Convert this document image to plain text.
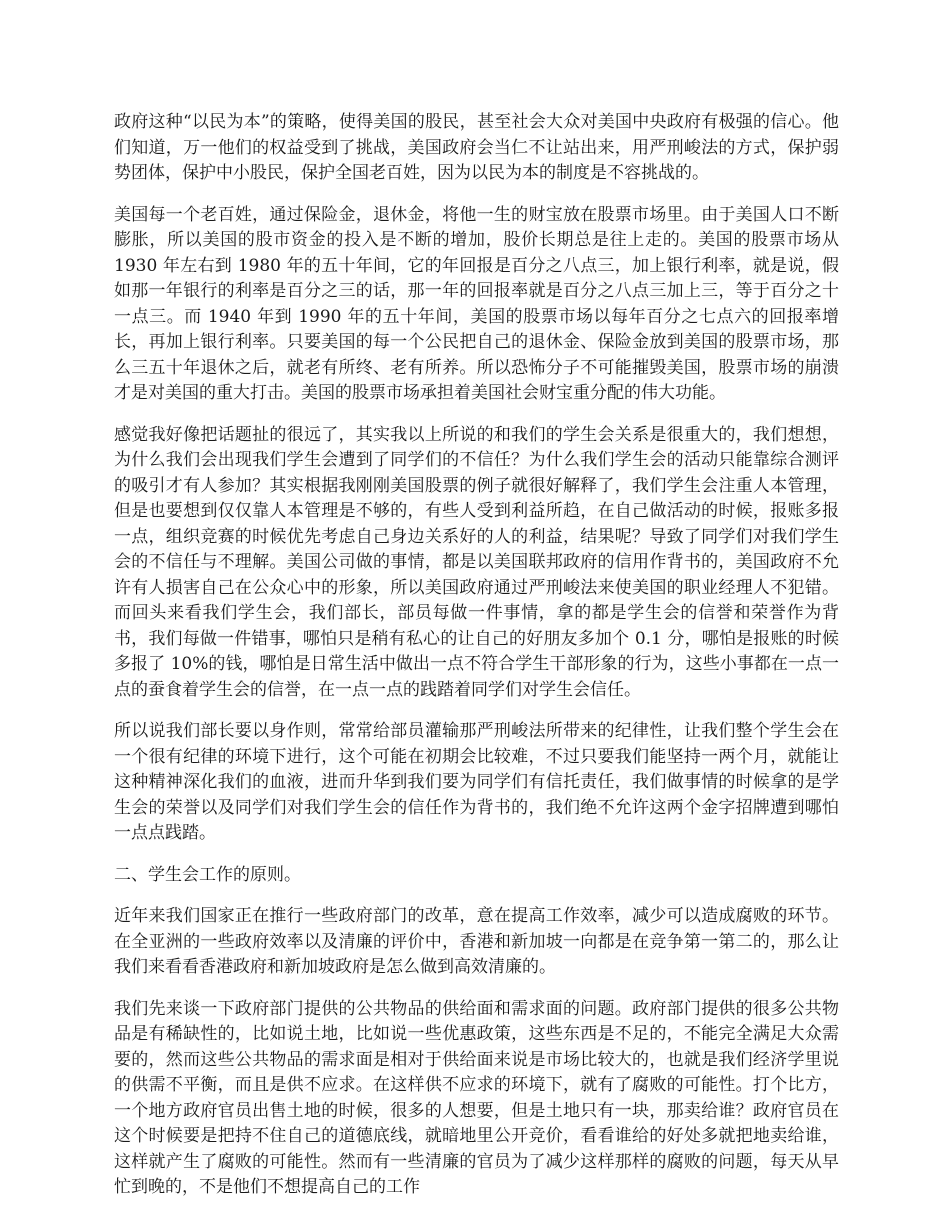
政府这种“以民为本”的策略，使得美国的股民，甚至社会大众对美国中央政府有极强的信心。他们知道，万一他们的权益受到了挑战，美国政府会当仁不让站出来，用严刑峻法的方式，保护弱势团体，保护中小股民，保护全国老百姓，因为以民为本的制度是不容挑战的。

美国每一个老百姓，通过保险金，退休金，将他一生的财宝放在股票市场里。由于美国人口不断膨胀，所以美国的股市资金的投入是不断的增加，股价长期总是往上走的。美国的股票市场从 1930 年左右到 1980 年的五十年间，它的年回报是百分之八点三，加上银行利率，就是说，假如那一年银行的利率是百分之三的话，那一年的回报率就是百分之八点三加上三，等于百分之十一点三。而 1940 年到 1990 年的五十年间，美国的股票市场以每年百分之七点六的回报率增长，再加上银行利率。只要美国的每一个公民把自己的退休金、保险金放到美国的股票市场，那么三五十年退休之后，就老有所终、老有所养。所以恐怖分子不可能摧毁美国，股票市场的崩溃才是对美国的重大打击。美国的股票市场承担着美国社会财宝重分配的伟大功能。

感觉我好像把话题扯的很远了，其实我以上所说的和我们的学生会关系是很重大的，我们想想，为什么我们会出现我们学生会遭到了同学们的不信任？为什么我们学生会的活动只能靠综合测评的吸引才有人参加？其实根据我刚刚美国股票的例子就很好解释了，我们学生会注重人本管理，但是也要想到仅仅靠人本管理是不够的，有些人受到利益所趋，在自己做活动的时候，报账多报一点，组织竞赛的时候优先考虑自己身边关系好的人的利益，结果呢？导致了同学们对我们学生会的不信任与不理解。美国公司做的事情，都是以美国联邦政府的信用作背书的，美国政府不允许有人损害自己在公众心中的形象，所以美国政府通过严刑峻法来使美国的职业经理人不犯错。而回头来看我们学生会，我们部长，部员每做一件事情，拿的都是学生会的信誉和荣誉作为背书，我们每做一件错事，哪怕只是稍有私心的让自己的好朋友多加个 0.1 分，哪怕是报账的时候多报了 10%的钱，哪怕是日常生活中做出一点不符合学生干部形象的行为，这些小事都在一点一点的蚕食着学生会的信誉，在一点一点的践踏着同学们对学生会信任。

所以说我们部长要以身作则，常常给部员灌输那严刑峻法所带来的纪律性，让我们整个学生会在一个很有纪律的环境下进行，这个可能在初期会比较难，不过只要我们能坚持一两个月，就能让这种精神深化我们的血液，进而升华到我们要为同学们有信托责任，我们做事情的时候拿的是学生会的荣誉以及同学们对我们学生会的信任作为背书的，我们绝不允许这两个金字招牌遭到哪怕一点点践踏。

二、学生会工作的原则。

近年来我们国家正在推行一些政府部门的改革，意在提高工作效率，减少可以造成腐败的环节。在全亚洲的一些政府效率以及清廉的评价中，香港和新加坡一向都是在竞争第一第二的，那么让我们来看看香港政府和新加坡政府是怎么做到高效清廉的。

我们先来谈一下政府部门提供的公共物品的供给面和需求面的问题。政府部门提供的很多公共物品是有稀缺性的，比如说土地，比如说一些优惠政策，这些东西是不足的，不能完全满足大众需要的，然而这些公共物品的需求面是相对于供给面来说是市场比较大的，也就是我们经济学里说的供需不平衡，而且是供不应求。在这样供不应求的环境下，就有了腐败的可能性。打个比方，一个地方政府官员出售土地的时候，很多的人想要，但是土地只有一块，那卖给谁？政府官员在这个时候要是把持不住自己的道德底线，就暗地里公开竞价，看看谁给的好处多就把地卖给谁，这样就产生了腐败的可能性。然而有一些清廉的官员为了减少这样那样的腐败的问题，每天从早忙到晚的，不是他们不想提高自己的工作
